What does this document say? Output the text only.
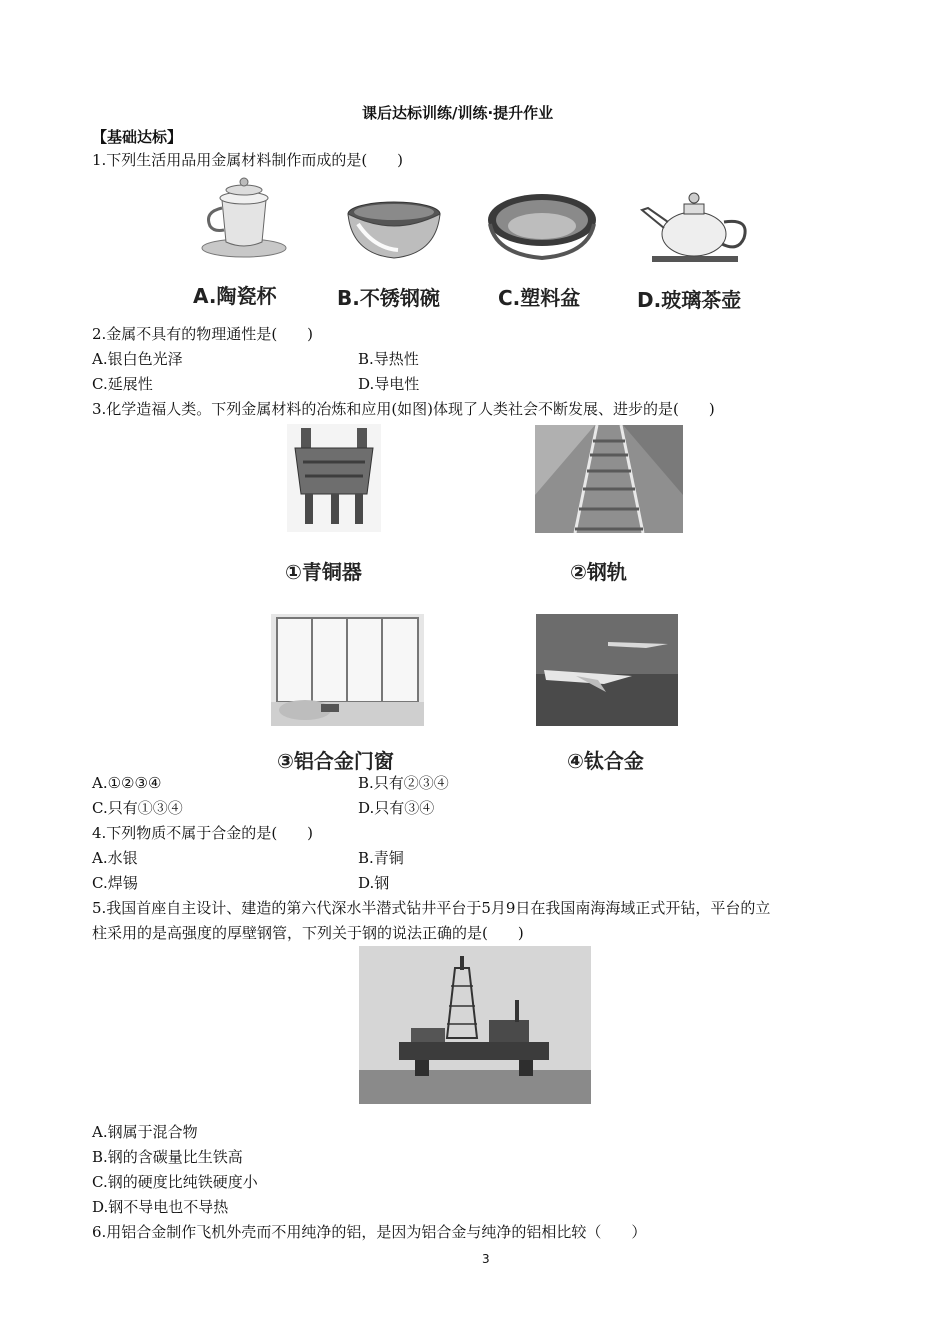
课后达标训练/训练·提升作业
【基础达标】
1.下列生活用品用金属材料制作而成的是(　　)
A.陶瓷杯	B.不锈钢碗	C.塑料盆	D.玻璃茶壶
2.金属不具有的物理通性是(　　)
A.银白色光泽	B.导热性
C.延展性	D.导电性
3.化学造福人类。下列金属材料的冶炼和应用(如图)体现了人类社会不断发展、进步的是(　　)
①青铜器	②钢轨
③铝合金门窗	④钛合金
A.①②③④	B.只有②③④
C.只有①③④	D.只有③④
4.下列物质不属于合金的是(　　)
A.水银	B.青铜
C.焊锡	D.钢
5.我国首座自主设计、建造的第六代深水半潜式钻井平台于5月9日在我国南海海域正式开钻，平台的立
柱采用的是高强度的厚壁钢管，下列关于钢的说法正确的是(　　)
A.钢属于混合物
B.钢的含碳量比生铁高
C.钢的硬度比纯铁硬度小
D.钢不导电也不导热
6.用铝合金制作飞机外壳而不用纯净的铝，是因为铝合金与纯净的铝相比较（　　）
3
